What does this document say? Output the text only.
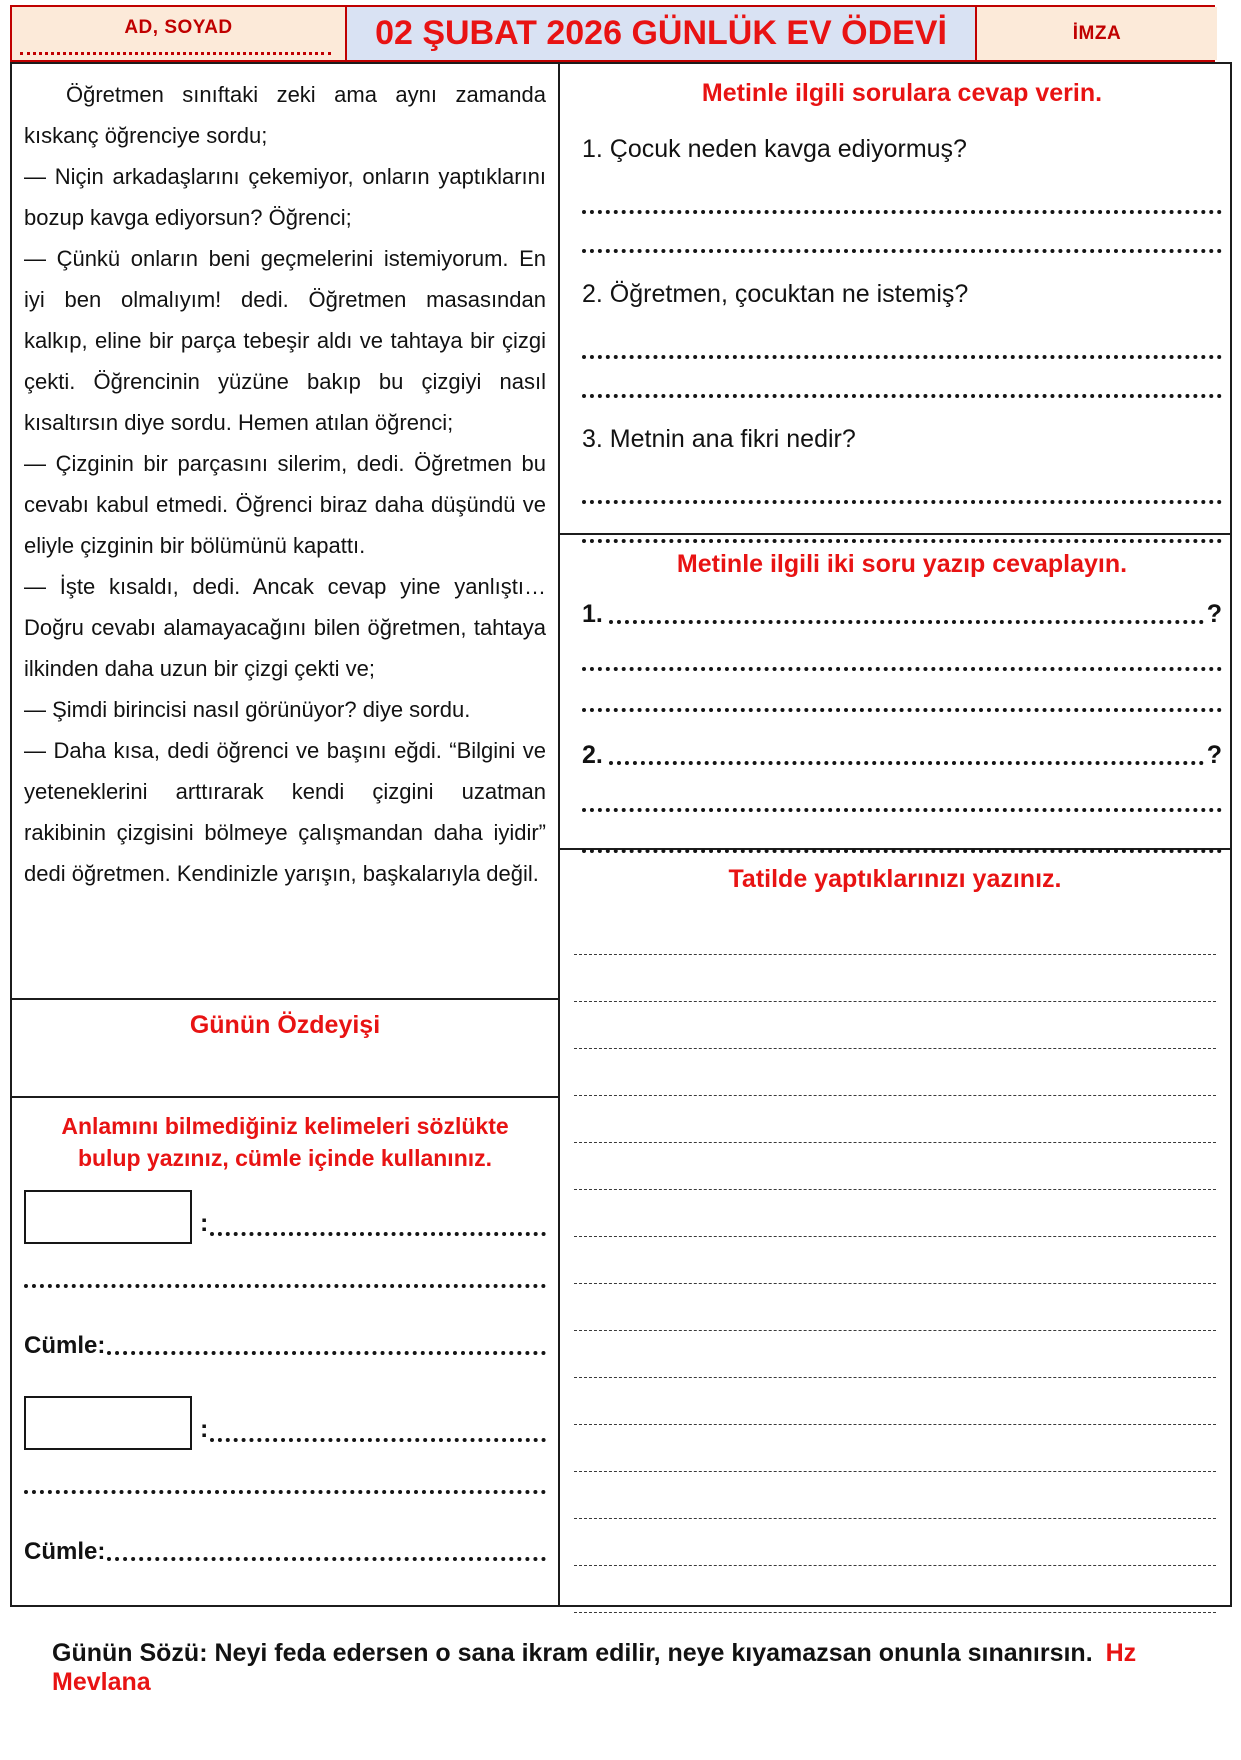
AD, SOYAD	02 ŞUBAT 2026 GÜNLÜK EV ÖDEVİ	İMZA

Öğretmen sınıftaki zeki ama aynı zamanda kıskanç öğrenciye sordu;

— Niçin arkadaşlarını çekemiyor, onların yaptıklarını bozup kavga ediyorsun? Öğrenci;

— Çünkü onların beni geçmelerini istemiyorum. En iyi ben olmalıyım! dedi. Öğretmen masasından kalkıp, eline bir parça tebeşir aldı ve tahtaya bir çizgi çekti. Öğrencinin yüzüne bakıp bu çizgiyi nasıl kısaltırsın diye sordu. Hemen atılan öğrenci;

— Çizginin bir parçasını silerim, dedi. Öğretmen bu cevabı kabul etmedi. Öğrenci biraz daha düşündü ve eliyle çizginin bir bölümünü kapattı.

— İşte kısaldı, dedi. Ancak cevap yine yanlıştı… Doğru cevabı alamayacağını bilen öğretmen, tahtaya ilkinden daha uzun bir çizgi çekti ve;

— Şimdi birincisi nasıl görünüyor? diye sordu.

— Daha kısa, dedi öğrenci ve başını eğdi. “Bilgini ve yeteneklerini arttırarak kendi çizgini uzatman rakibinin çizgisini bölmeye çalışmandan daha iyidir” dedi öğretmen. Kendinizle yarışın, başkalarıyla değil.

Günün Özdeyişi
Anlamını bilmediğiniz kelimeleri sözlükte bulup yazınız, cümle içinde kullanınız.
:
Cümle:
:
Cümle:
Metinle ilgili sorulara cevap verin.
1. Çocuk neden kavga ediyormuş?
2. Öğretmen, çocuktan ne istemiş?
3. Metnin ana fikri nedir?
Metinle ilgili iki soru yazıp cevaplayın.
1.	?
2.	?
Tatilde yaptıklarınızı yazınız.
Günün Sözü: Neyi feda edersen o sana ikram edilir, neye kıyamazsan onunla sınanırsın. Hz Mevlana
